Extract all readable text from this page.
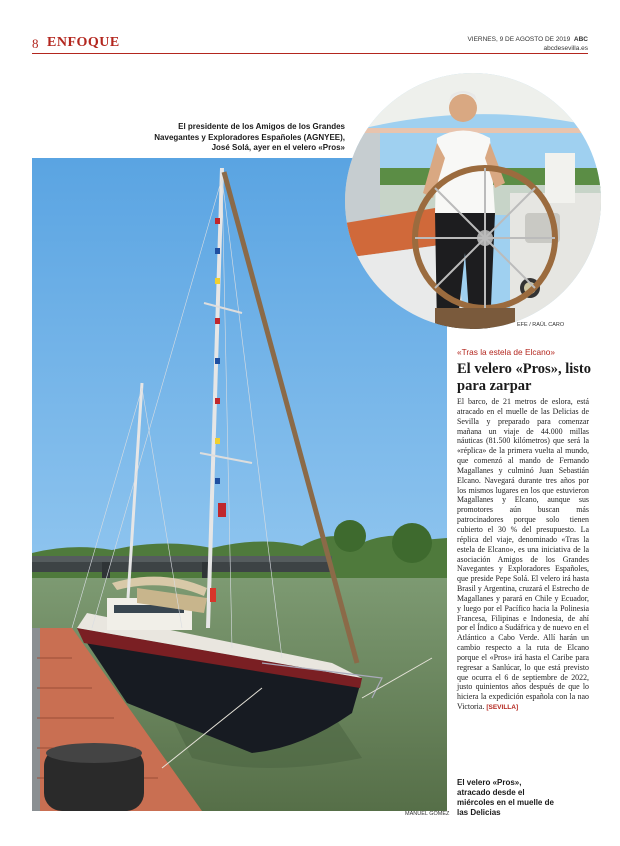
8 ENFOQUE	VIERNES, 9 DE AGOSTO DE 2019 ABC
abcdesevilla.es
El presidente de los Amigos de los Grandes Navegantes y Exploradores Españoles (AGNYEE), José Solá, ayer en el velero «Pros»
EFE / RAÚL CARO
MANUEL GÓMEZ
«Tras la estela de Elcano»
El velero «Pros», listo para zarpar

El barco, de 21 metros de eslora, está atracado en el muelle de las Delicias de Sevilla y preparado para comenzar mañana un viaje de 44.000 millas náuticas (81.500 kilómetros) que será la «réplica» de la primera vuelta al mundo, que comenzó al mando de Fernando Magallanes y culminó Juan Sebastián Elcano. Navegará durante tres años por los mismos lugares en los que estuvieron Magallanes y Elcano, aunque sus promotores aún buscan más patrocinadores porque solo tienen cubierto el 30 % del presupuesto. La réplica del viaje, denominado «Tras la estela de Elcano», es una iniciativa de la asociación Amigos de los Grandes Navegantes y Exploradores Españoles, que preside Pepe Solá. El velero irá hasta Brasil y Argentina, cruzará el Estrecho de Magallanes y parará en Chile y Ecuador, y luego por el Pacífico hacia la Polinesia Francesa, Filipinas e Indonesia, de ahí por el Índico a Sudáfrica y de nuevo en el Atlántico a Cabo Verde. Allí harán un cambio respecto a la ruta de Elcano porque el «Pros» irá hasta el Caribe para regresar a Sanlúcar, lo que está previsto que ocurra el 6 de septiembre de 2022, justo quinientos años después de que lo hiciera la expedición española con la nao Victoria. [SEVILLA]

El velero «Pros», atracado desde el miércoles en el muelle de las Delicias
